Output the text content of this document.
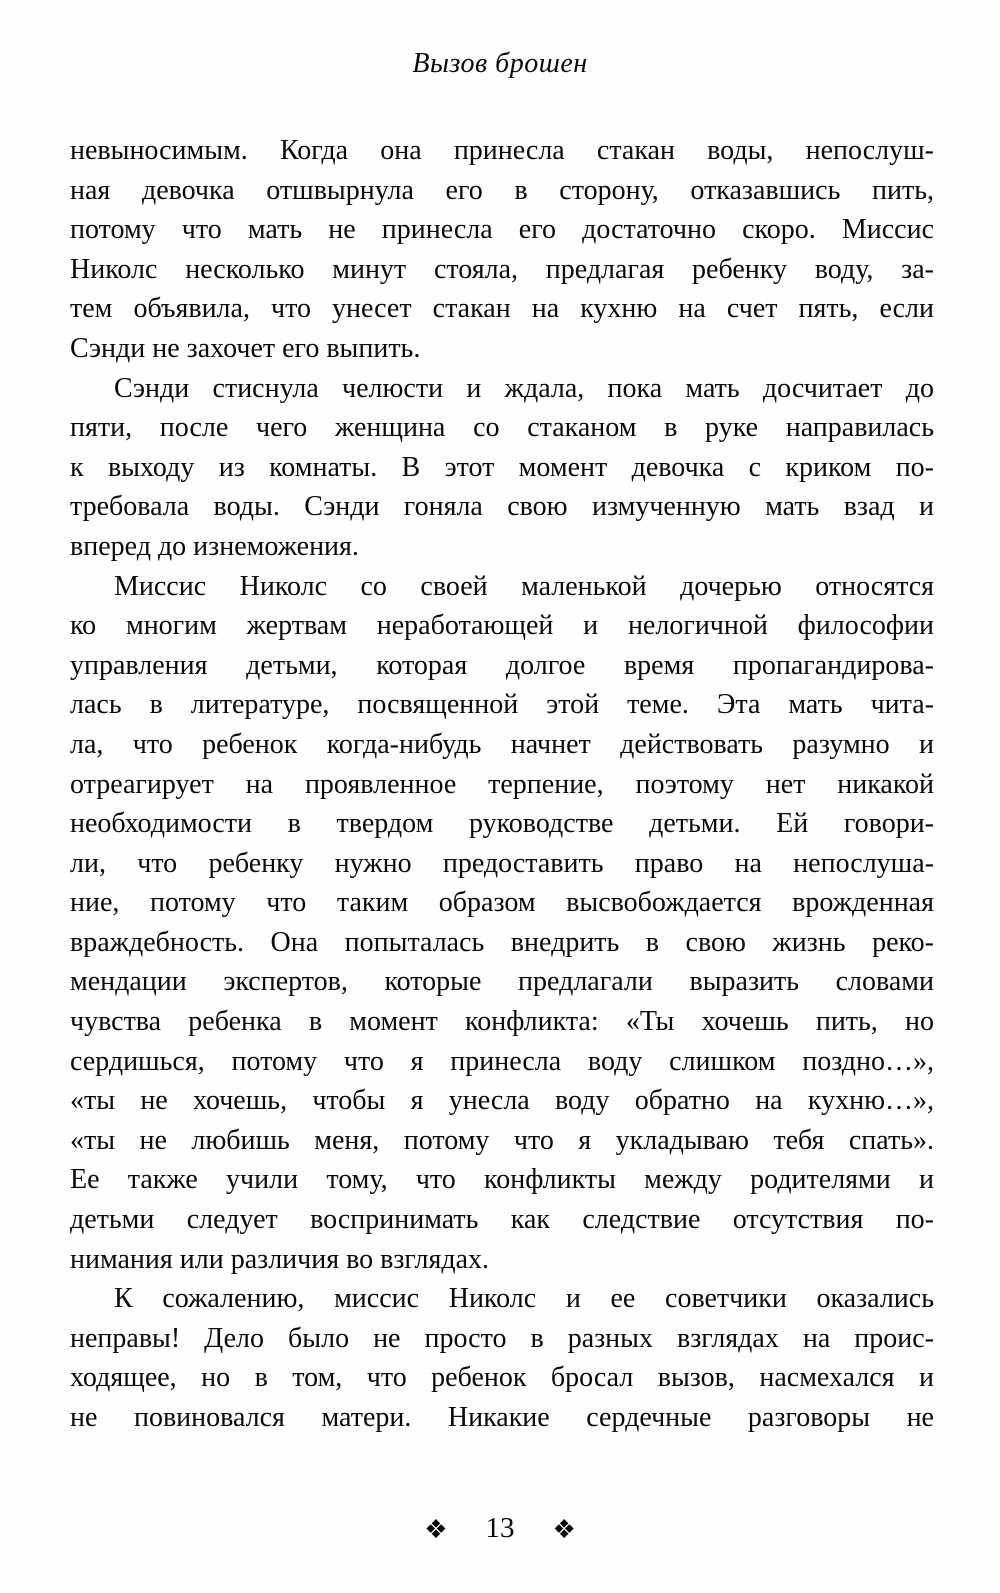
Вызов брошен
невыносимым. Когда она принесла стакан воды, непослуш-
ная девочка отшвырнула его в сторону, отказавшись пить,
потому что мать не принесла его достаточно скоро. Миссис
Николс несколько минут стояла, предлагая ребенку воду, за-
тем объявила, что унесет стакан на кухню на счет пять, если
Сэнди не захочет его выпить.
Сэнди стиснула челюсти и ждала, пока мать досчитает до
пяти, после чего женщина со стаканом в руке направилась
к выходу из комнаты. В этот момент девочка с криком по-
требовала воды. Сэнди гоняла свою измученную мать взад и
вперед до изнеможения.
Миссис Николс со своей маленькой дочерью относятся
ко многим жертвам неработающей и нелогичной философии
управления детьми, которая долгое время пропагандирова-
лась в литературе, посвященной этой теме. Эта мать чита-
ла, что ребенок когда-нибудь начнет действовать разумно и
отреагирует на проявленное терпение, поэтому нет никакой
необходимости в твердом руководстве детьми. Ей говори-
ли, что ребенку нужно предоставить право на непослуша-
ние, потому что таким образом высвобождается врожденная
враждебность. Она попыталась внедрить в свою жизнь реко-
мендации экспертов, которые предлагали выразить словами
чувства ребенка в момент конфликта: «Ты хочешь пить, но
сердишься, потому что я принесла воду слишком поздно…»,
«ты не хочешь, чтобы я унесла воду обратно на кухню…»,
«ты не любишь меня, потому что я укладываю тебя спать».
Ее также учили тому, что конфликты между родителями и
детьми следует воспринимать как следствие отсутствия по-
нимания или различия во взглядах.
К сожалению, миссис Николс и ее советчики оказались
неправы! Дело было не просто в разных взглядах на проис-
ходящее, но в том, что ребенок бросал вызов, насмехался и
не повиновался матери. Никакие сердечные разговоры не
❖ 13 ❖
